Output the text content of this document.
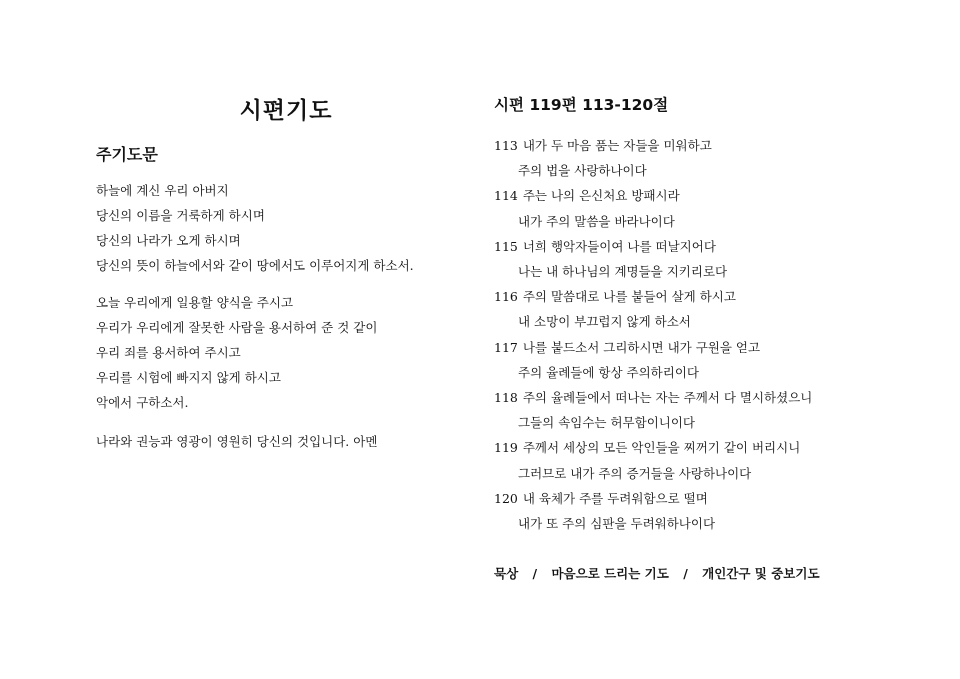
시편기도
주기도문
하늘에 계신 우리 아버지
당신의 이름을 거룩하게 하시며
당신의 나라가 오게 하시며
당신의 뜻이 하늘에서와 같이 땅에서도 이루어지게 하소서.
오늘 우리에게 일용할 양식을 주시고
우리가 우리에게 잘못한 사람을 용서하여 준 것 같이
우리 죄를 용서하여 주시고
우리를 시험에 빠지지 않게 하시고
악에서 구하소서.
나라와 권능과 영광이 영원히 당신의 것입니다. 아멘
시편 119편 113-120절
113 내가 두 마음 품는 자들을 미워하고
주의 법을 사랑하나이다
114 주는 나의 은신처요 방패시라
내가 주의 말씀을 바라나이다
115 너희 행악자들이여 나를 떠날지어다
나는 내 하나님의 계명들을 지키리로다
116 주의 말씀대로 나를 붙들어 살게 하시고
내 소망이 부끄럽지 않게 하소서
117 나를 붙드소서 그리하시면 내가 구원을 얻고
주의 율례들에 항상 주의하리이다
118 주의 율례들에서 떠나는 자는 주께서 다 멸시하셨으니
그들의 속임수는 허무함이니이다
119 주께서 세상의 모든 악인들을 찌꺼기 같이 버리시니
그러므로 내가 주의 증거들을 사랑하나이다
120 내 육체가 주를 두려워함으로 떨며
내가 또 주의 심판을 두려워하나이다
묵상 / 마음으로 드리는 기도 / 개인간구 및 중보기도
